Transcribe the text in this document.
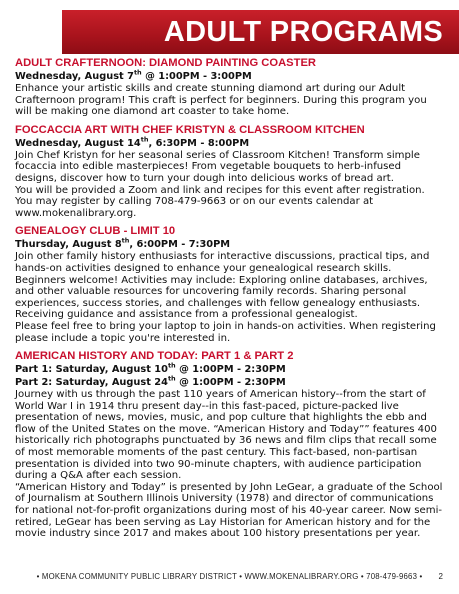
ADULT PROGRAMS
ADULT CRAFTERNOON: DIAMOND PAINTING COASTER
Wednesday, August 7th @ 1:00PM - 3:00PM

Enhance your artistic skills and create stunning diamond art during our Adult Crafternoon program! This craft is perfect for beginners. During this program you will be making one diamond art coaster to take home.

FOCCACCIA ART WITH CHEF KRISTYN & CLASSROOM KITCHEN
Wednesday, August 14th, 6:30PM - 8:00PM

Join Chef Kristyn for her seasonal series of Classroom Kitchen! Transform simple focaccia into edible masterpieces! From vegetable bouquets to herb-infused designs, discover how to turn your dough into delicious works of bread art.

You will be provided a Zoom and link and recipes for this event after registration. You may register by calling 708-479-9663 or on our events calendar at www.mokenalibrary.org.

GENEALOGY CLUB - LIMIT 10
Thursday, August 8th, 6:00PM - 7:30PM

Join other family history enthusiasts for interactive discussions, practical tips, and hands-on activities designed to enhance your genealogical research skills. Beginners welcome! Activities may include: Exploring online databases, archives, and other valuable resources for uncovering family records. Sharing personal experiences, success stories, and challenges with fellow genealogy enthusiasts. Receiving guidance and assistance from a professional genealogist.

Please feel free to bring your laptop to join in hands-on activities. When registering please include a topic you're interested in.

AMERICAN HISTORY AND TODAY: PART 1 & PART 2
Part 1: Saturday, August 10th @ 1:00PM - 2:30PM
Part 2: Saturday, August 24th @ 1:00PM - 2:30PM

Journey with us through the past 110 years of American history--from the start of World War I in 1914 thru present day--in this fast-paced, picture-packed live presentation of news, movies, music, and pop culture that highlights the ebb and flow of the United States on the move. “American History and Today”” features 400 historically rich photographs punctuated by 36 news and film clips that recall some of most memorable moments of the past century. This fact-based, non-partisan presentation is divided into two 90-minute chapters, with audience participation during a Q&A after each session.

“American History and Today” is presented by John LeGear, a graduate of the School of Journalism at Southern Illinois University (1978) and director of communications for national not-for-profit organizations during most of his 40-year career. Now semi-retired, LeGear has been serving as Lay Historian for American history and for the movie industry since 2017 and makes about 100 history presentations per year.

• MOKENA COMMUNITY PUBLIC LIBRARY DISTRICT • WWW.MOKENALIBRARY.ORG • 708-479-9663 •	2
